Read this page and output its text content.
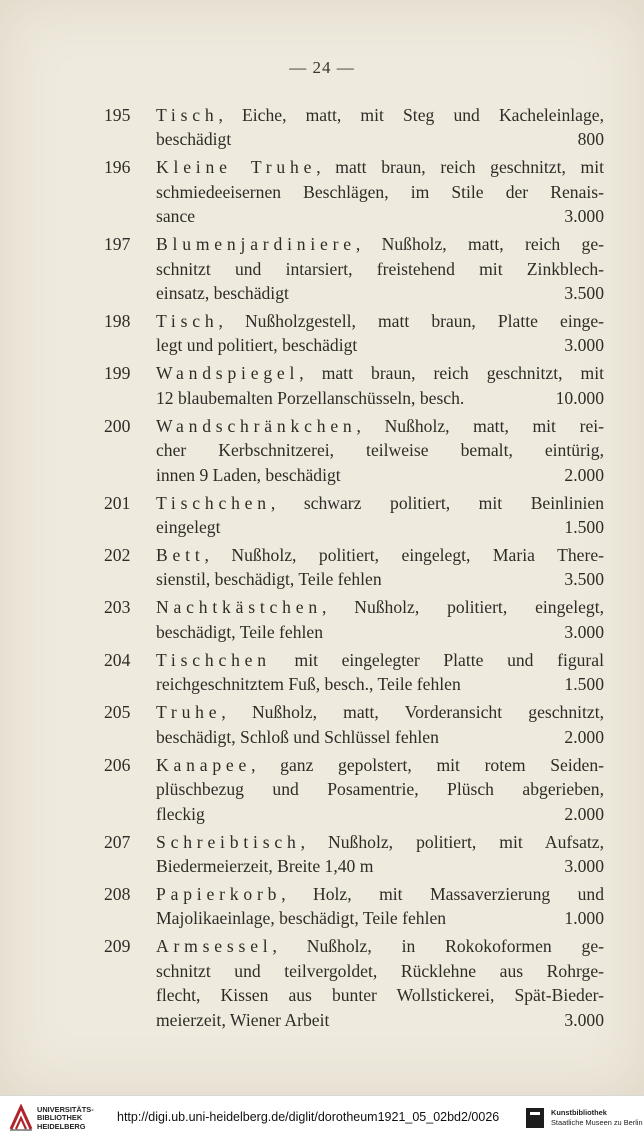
— 24 —
195	Tisch, Eiche, matt, mit Steg und Kacheleinlage,
beschädigt	800
196	Kleine Truhe, matt braun, reich geschnitzt, mit
schmiedeeisernen Beschlägen, im Stile der Renais-
sance	3.000
197	Blumenjardiniere, Nußholz, matt, reich ge-
schnitzt und intarsiert, freistehend mit Zinkblech-
einsatz, beschädigt	3.500
198	Tisch, Nußholzgestell, matt braun, Platte einge-
legt und politiert, beschädigt	3.000
199	Wandspiegel, matt braun, reich geschnitzt, mit
12 blaubemalten Porzellanschüsseln, besch.	10.000
200	Wandschränkchen, Nußholz, matt, mit rei-
cher Kerbschnitzerei, teilweise bemalt, eintürig,
innen 9 Laden, beschädigt	2.000
201	Tischchen, schwarz politiert, mit Beinlinien
eingelegt	1.500
202	Bett, Nußholz, politiert, eingelegt, Maria There-
sienstil, beschädigt, Teile fehlen	3.500
203	Nachtkästchen, Nußholz, politiert, eingelegt,
beschädigt, Teile fehlen	3.000
204	Tischchen mit eingelegter Platte und figural
reichgeschnitztem Fuß, besch., Teile fehlen	1.500
205	Truhe, Nußholz, matt, Vorderansicht geschnitzt,
beschädigt, Schloß und Schlüssel fehlen	2.000
206	Kanapee, ganz gepolstert, mit rotem Seiden-
plüschbezug und Posamentrie, Plüsch abgerieben,
fleckig	2.000
207	Schreibtisch, Nußholz, politiert, mit Aufsatz,
Biedermeierzeit, Breite 1,40 m	3.000
208	Papierkorb, Holz, mit Massaverzierung und
Majolikaeinlage, beschädigt, Teile fehlen	1.000
209	Armsessel, Nußholz, in Rokokoformen ge-
schnitzt und teilvergoldet, Rücklehne aus Rohrge-
flecht, Kissen aus bunter Wollstickerei, Spät-Bieder-
meierzeit, Wiener Arbeit	3.000
UNIVERSITÄTS-
BIBLIOTHEK
HEIDELBERG
http://digi.ub.uni-heidelberg.de/diglit/dorotheum1921_05_02bd2/0026	Kunstbibliothek
Staatliche Museen zu Berlin
